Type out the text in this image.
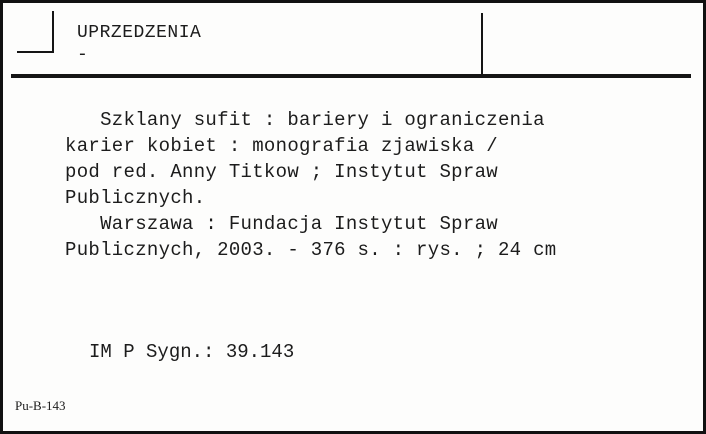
UPRZEDZENIA
-
Szklany sufit : bariery i ograniczenia
karier kobiet : monografia zjawiska /
pod red. Anny Titkow ; Instytut Spraw
Publicznych.
Warszawa : Fundacja Instytut Spraw
Publicznych, 2003. - 376 s. : rys. ; 24 cm
IM P Sygn.: 39.143
Pu-B-143
